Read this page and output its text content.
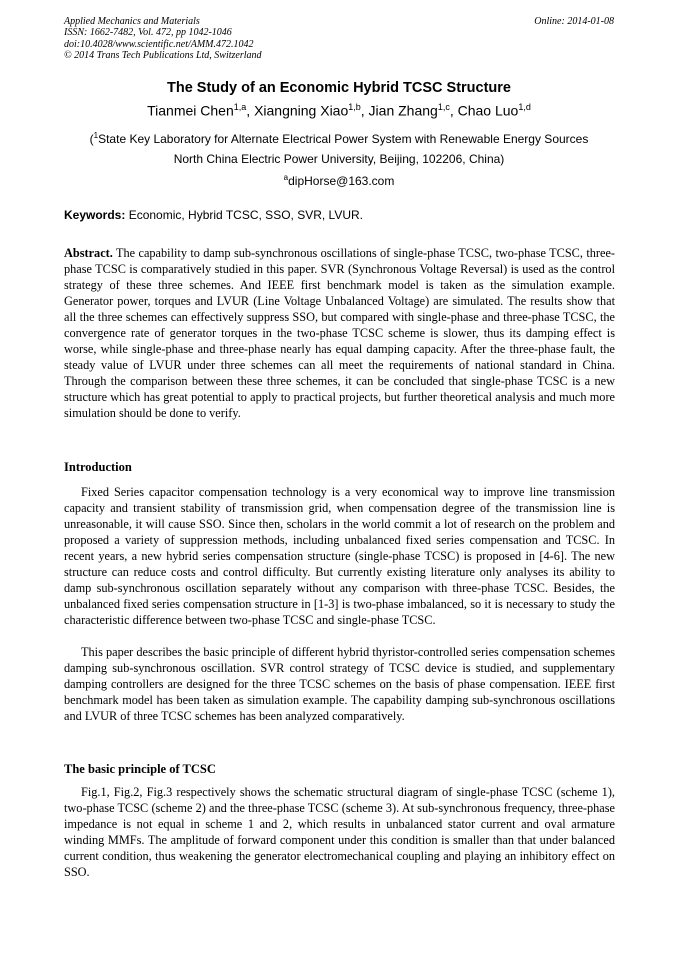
Applied Mechanics and Materials
ISSN: 1662-7482, Vol. 472, pp 1042-1046
doi:10.4028/www.scientific.net/AMM.472.1042
© 2014 Trans Tech Publications Ltd, Switzerland
Online: 2014-01-08
The Study of an Economic Hybrid TCSC Structure
Tianmei Chen$^{1,a}$, Xiangning Xiao$^{1,b}$, Jian Zhang$^{1,c}$, Chao Luo$^{1,d}$
($^1$State Key Laboratory for Alternate Electrical Power System with Renewable Energy Sources
North China Electric Power University, Beijing, 102206, China)
$^a$dipHorse@163.com
Keywords: Economic, Hybrid TCSC, SSO, SVR, LVUR.
Abstract. The capability to damp sub-synchronous oscillations of single-phase TCSC, two-phase TCSC, three-phase TCSC is comparatively studied in this paper. SVR (Synchronous Voltage Reversal) is used as the control strategy of these three schemes. And IEEE first benchmark model is taken as the simulation example. Generator power, torques and LVUR (Line Voltage Unbalanced Voltage) are simulated. The results show that all the three schemes can effectively suppress SSO, but compared with single-phase and three-phase TCSC, the convergence rate of generator torques in the two-phase TCSC scheme is slower, thus its damping effect is worse, while single-phase and three-phase nearly has equal damping capacity. After the three-phase fault, the steady value of LVUR under three schemes can all meet the requirements of national standard in China. Through the comparison between these three schemes, it can be concluded that single-phase TCSC is a new structure which has great potential to apply to practical projects, but further theoretical analysis and much more simulation should be done to verify.
Introduction
Fixed Series capacitor compensation technology is a very economical way to improve line transmission capacity and transient stability of transmission grid, when compensation degree of the transmission line is unreasonable, it will cause SSO. Since then, scholars in the world commit a lot of research on the problem and proposed a variety of suppression methods, including unbalanced fixed series compensation and TCSC. In recent years, a new hybrid series compensation structure (single-phase TCSC) is proposed in [4-6]. The new structure can reduce costs and control difficulty. But currently existing literature only analyses its ability to damp sub-synchronous oscillation separately without any comparison with three-phase TCSC. Besides, the unbalanced fixed series compensation structure in [1-3] is two-phase imbalanced, so it is necessary to study the characteristic difference between two-phase TCSC and single-phase TCSC.
This paper describes the basic principle of different hybrid thyristor-controlled series compensation schemes damping sub-synchronous oscillation. SVR control strategy of TCSC device is studied, and supplementary damping controllers are designed for the three TCSC schemes on the basis of phase compensation. IEEE first benchmark model has been taken as simulation example. The capability damping sub-synchronous oscillations and LVUR of three TCSC schemes has been analyzed comparatively.
The basic principle of TCSC
Fig.1, Fig.2, Fig.3 respectively shows the schematic structural diagram of single-phase TCSC (scheme 1), two-phase TCSC (scheme 2) and the three-phase TCSC (scheme 3). At sub-synchronous frequency, three-phase impedance is not equal in scheme 1 and 2, which results in unbalanced stator current and oval armature winding MMFs. The amplitude of forward component under this condition is smaller than that under balanced current condition, thus weakening the generator electromechanical coupling and playing an inhibitory effect on SSO.
